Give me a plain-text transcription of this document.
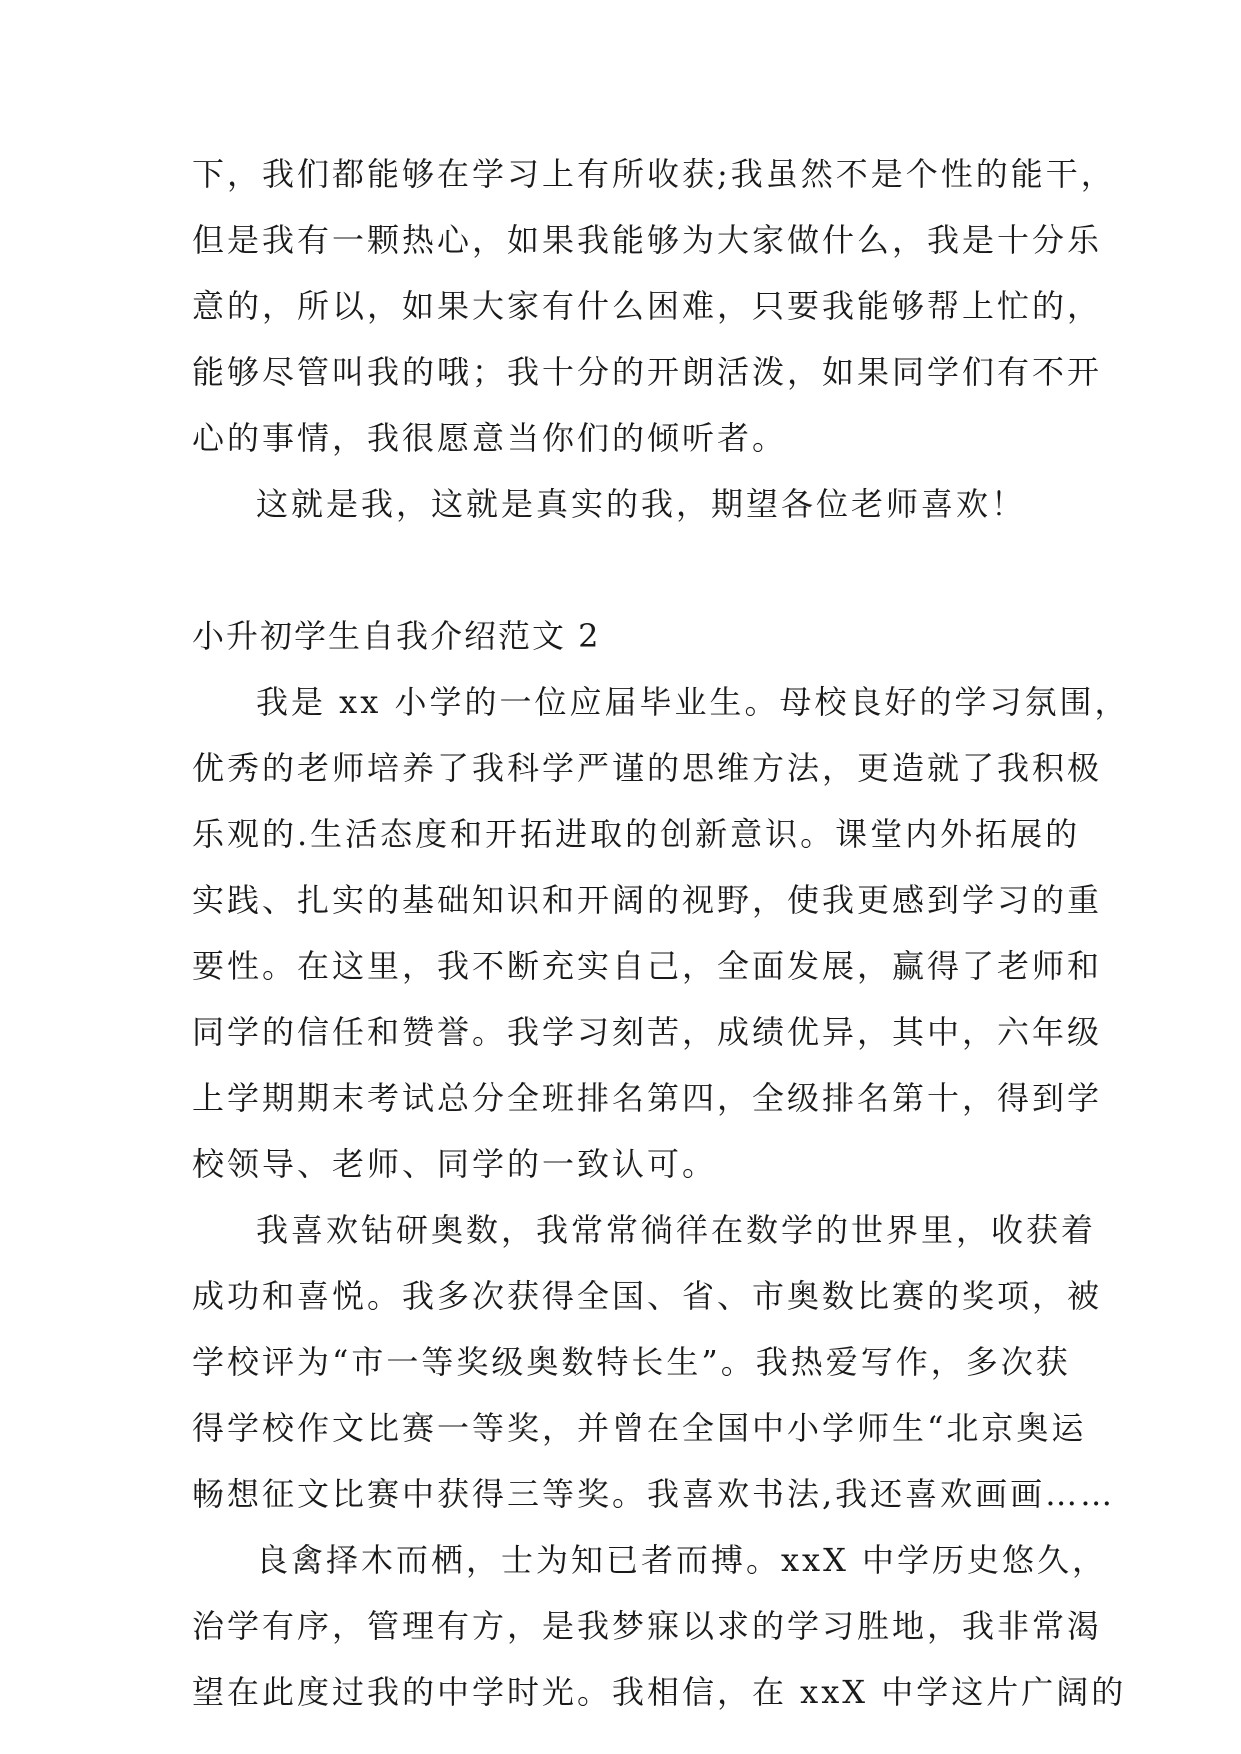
下，我们都能够在学习上有所收获;我虽然不是个性的能干，
但是我有一颗热心，如果我能够为大家做什么，我是十分乐
意的，所以，如果大家有什么困难，只要我能够帮上忙的，
能够尽管叫我的哦；我十分的开朗活泼，如果同学们有不开
心的事情，我很愿意当你们的倾听者。
这就是我，这就是真实的我，期望各位老师喜欢！
小升初学生自我介绍范文 2
我是 xx 小学的一位应届毕业生。母校良好的学习氛围，
优秀的老师培养了我科学严谨的思维方法，更造就了我积极
乐观的.生活态度和开拓进取的创新意识。课堂内外拓展的
实践、扎实的基础知识和开阔的视野，使我更感到学习的重
要性。在这里，我不断充实自己，全面发展，赢得了老师和
同学的信任和赞誉。我学习刻苦，成绩优异，其中，六年级
上学期期末考试总分全班排名第四，全级排名第十，得到学
校领导、老师、同学的一致认可。
我喜欢钻研奥数，我常常徜徉在数学的世界里，收获着
成功和喜悦。我多次获得全国、省、市奥数比赛的奖项，被
学校评为“市一等奖级奥数特长生”。我热爱写作，多次获
得学校作文比赛一等奖，并曾在全国中小学师生“北京奥运
畅想征文比赛中获得三等奖。我喜欢书法,我还喜欢画画……
良禽择木而栖，士为知已者而搏。xxX 中学历史悠久，
治学有序，管理有方，是我梦寐以求的学习胜地，我非常渴
望在此度过我的中学时光。我相信，在 xxX 中学这片广阔的
